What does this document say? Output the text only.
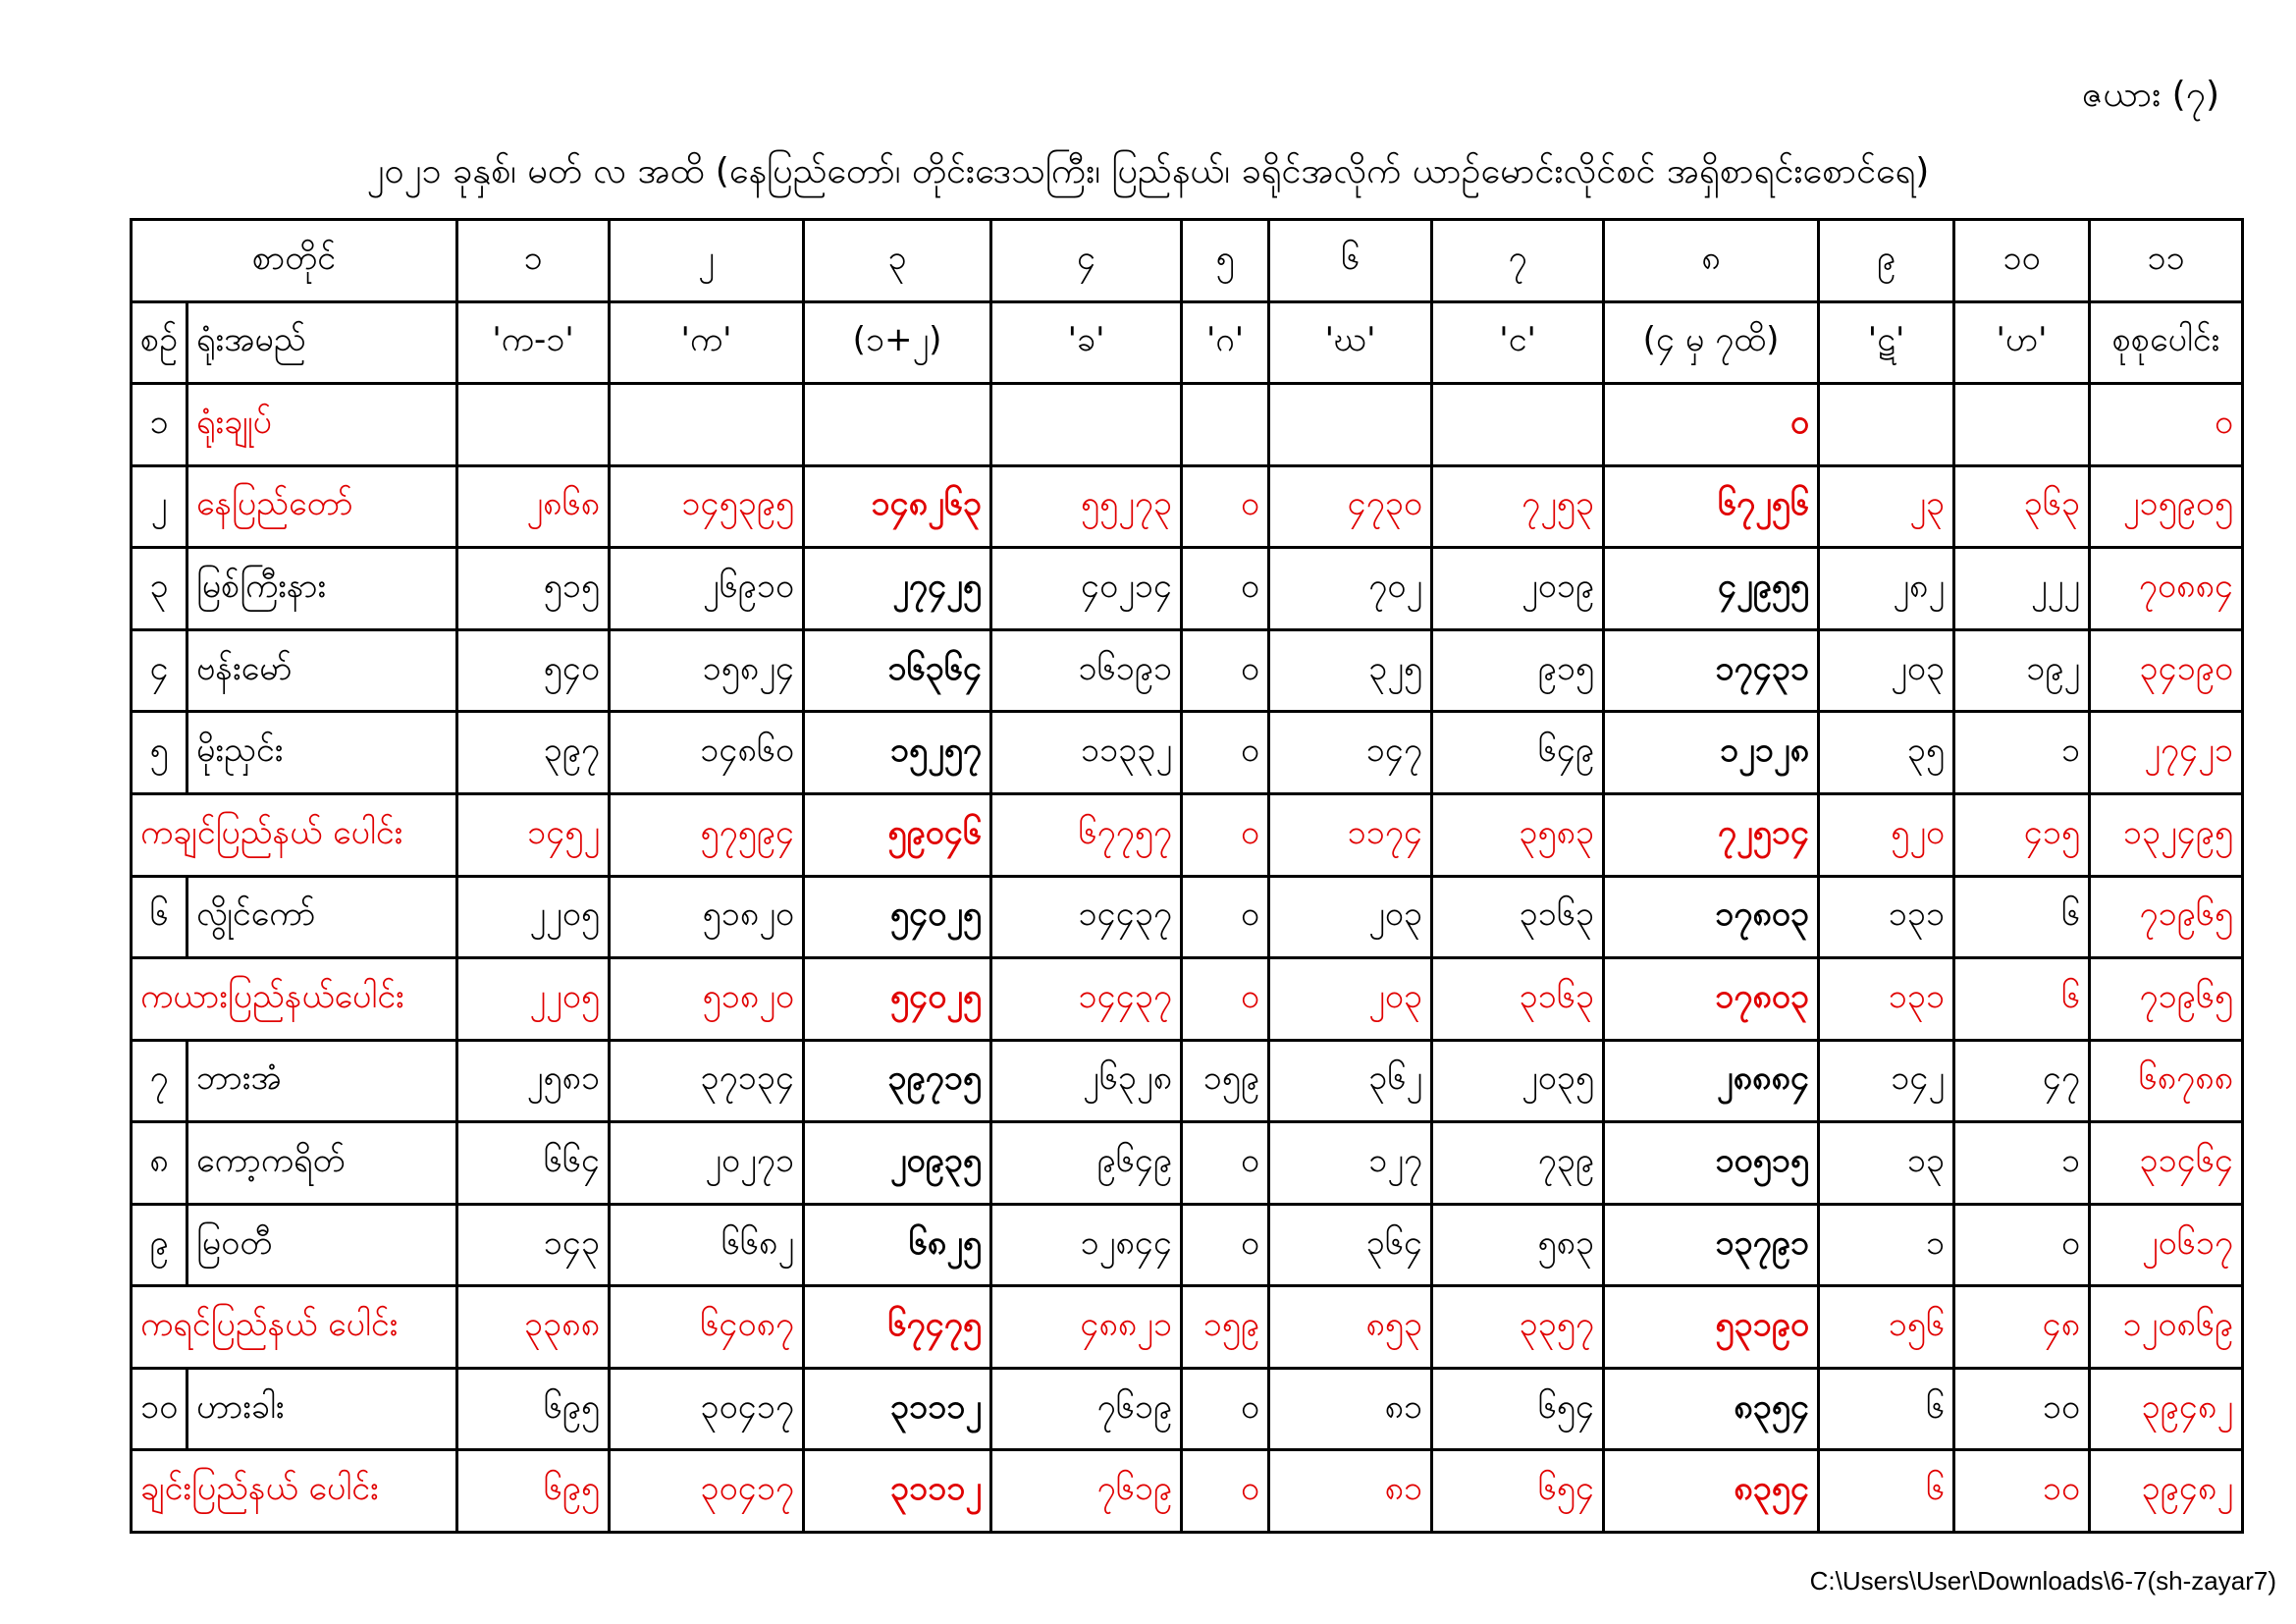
ဇယား (၇)
၂၀၂၁ ခုနှစ်၊ မတ် လ အထိ (နေပြည်တော်၊ တိုင်းဒေသကြီး၊ ပြည်နယ်၊ ခရိုင်အလိုက် ယာဉ်မောင်းလိုင်စင် အရှိစာရင်းစောင်ရေ)
စာတိုင်		၁	၂	၃	၄	၅	၆	၇	၈	၉	၁၀	၁၁
စဉ်	ရုံးအမည်	'က-၁'	'က'	(၁+၂)	'ခ'	'ဂ'	'ဃ'	'င'	(၄ မှ ၇ထိ)	'ဋ'	'ဟ'	စုစုပေါင်း
၁	ရုံးချုပ်								၀			၀
၂	နေပြည်တော်	၂၈၆၈	၁၄၅၃၉၅	၁၄၈၂၆၃	၅၅၂၇၃	၀	၄၇၃၀	၇၂၅၃	၆၇၂၅၆	၂၃	၃၆၃	၂၁၅၉၀၅
၃	မြစ်ကြီးနား	၅၁၅	၂၆၉၁၀	၂၇၄၂၅	၄၀၂၁၄	၀	၇၀၂	၂၀၁၉	၄၂၉၅၅	၂၈၂	၂၂၂	၇၀၈၈၄
၄	ဗန်းမော်	၅၄၀	၁၅၈၂၄	၁၆၃၆၄	၁၆၁၉၁	၀	၃၂၅	၉၁၅	၁၇၄၃၁	၂၀၃	၁၉၂	၃၄၁၉၀
၅	မိုးညှင်း	၃၉၇	၁၄၈၆၀	၁၅၂၅၇	၁၁၃၃၂	၀	၁၄၇	၆၄၉	၁၂၁၂၈	၃၅	၁	၂၇၄၂၁
ကချင်ပြည်နယ် ပေါင်း		၁၄၅၂	၅၇၅၉၄	၅၉၀၄၆	၆၇၇၅၇	၀	၁၁၇၄	၃၅၈၃	၇၂၅၁၄	၅၂၀	၄၁၅	၁၃၂၄၉၅
၆	လွိုင်ကော်	၂၂၀၅	၅၁၈၂၀	၅၄၀၂၅	၁၄၄၃၇	၀	၂၀၃	၃၁၆၃	၁၇၈၀၃	၁၃၁	၆	၇၁၉၆၅
ကယားပြည်နယ်ပေါင်း		၂၂၀၅	၅၁၈၂၀	၅၄၀၂၅	၁၄၄၃၇	၀	၂၀၃	၃၁၆၃	၁၇၈၀၃	၁၃၁	၆	၇၁၉၆၅
၇	ဘားအံ	၂၅၈၁	၃၇၁၃၄	၃၉၇၁၅	၂၆၃၂၈	၁၅၉	၃၆၂	၂၀၃၅	၂၈၈၈၄	၁၄၂	၄၇	၆၈၇၈၈
၈	ကော့ကရိတ်	၆၆၄	၂၀၂၇၁	၂၀၉၃၅	၉၆၄၉	၀	၁၂၇	၇၃၉	၁၀၅၁၅	၁၃	၁	၃၁၄၆၄
၉	မြဝတီ	၁၄၃	၆၆၈၂	၆၈၂၅	၁၂၈၄၄	၀	၃၆၄	၅၈၃	၁၃၇၉၁	၁	၀	၂၀၆၁၇
ကရင်ပြည်နယ် ပေါင်း		၃၃၈၈	၆၄၀၈၇	၆၇၄၇၅	၄၈၈၂၁	၁၅၉	၈၅၃	၃၃၅၇	၅၃၁၉၀	၁၅၆	၄၈	၁၂၀၈၆၉
၁၀	ဟားခါး	၆၉၅	၃၀၄၁၇	၃၁၁၁၂	၇၆၁၉	၀	၈၁	၆၅၄	၈၃၅၄	၆	၁၀	၃၉၄၈၂
ချင်းပြည်နယ် ပေါင်း		၆၉၅	၃၀၄၁၇	၃၁၁၁၂	၇၆၁၉	၀	၈၁	၆၅၄	၈၃၅၄	၆	၁၀	၃၉၄၈၂
C:\Users\User\Downloads\6-7(sh-zayar7)
